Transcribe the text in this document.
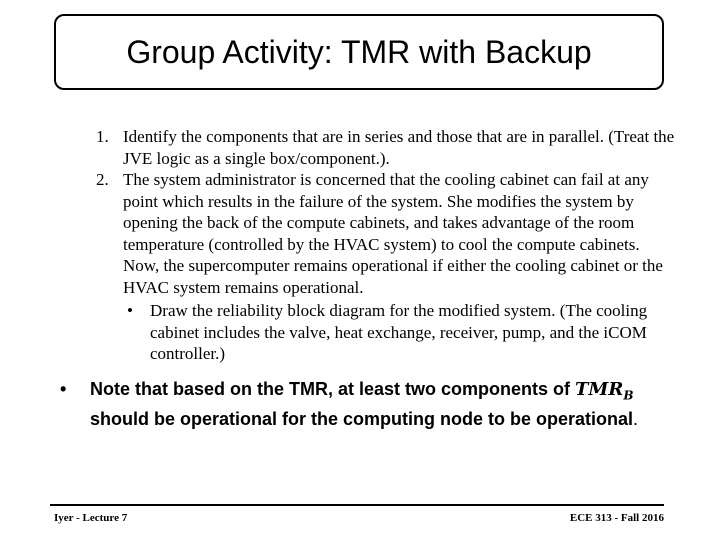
Group Activity: TMR with Backup
1. Identify the components that are in series and those that are in parallel. (Treat the JVE logic as a single box/component.).
2. The system administrator is concerned that the cooling cabinet can fail at any point which results in the failure of the system. She modifies the system by opening the back of the compute cabinets, and takes advantage of the room temperature (controlled by the HVAC system) to cool the compute cabinets. Now, the supercomputer remains operational if either the cooling cabinet or the HVAC system remains operational.
• Draw the reliability block diagram for the modified system. (The cooling cabinet includes the valve, heat exchange, receiver, pump, and the iCOM controller.)
• Note that based on the TMR, at least two components of $TMR_B$ should be operational for the computing node to be operational.
Iyer - Lecture 7	ECE 313 - Fall 2016
